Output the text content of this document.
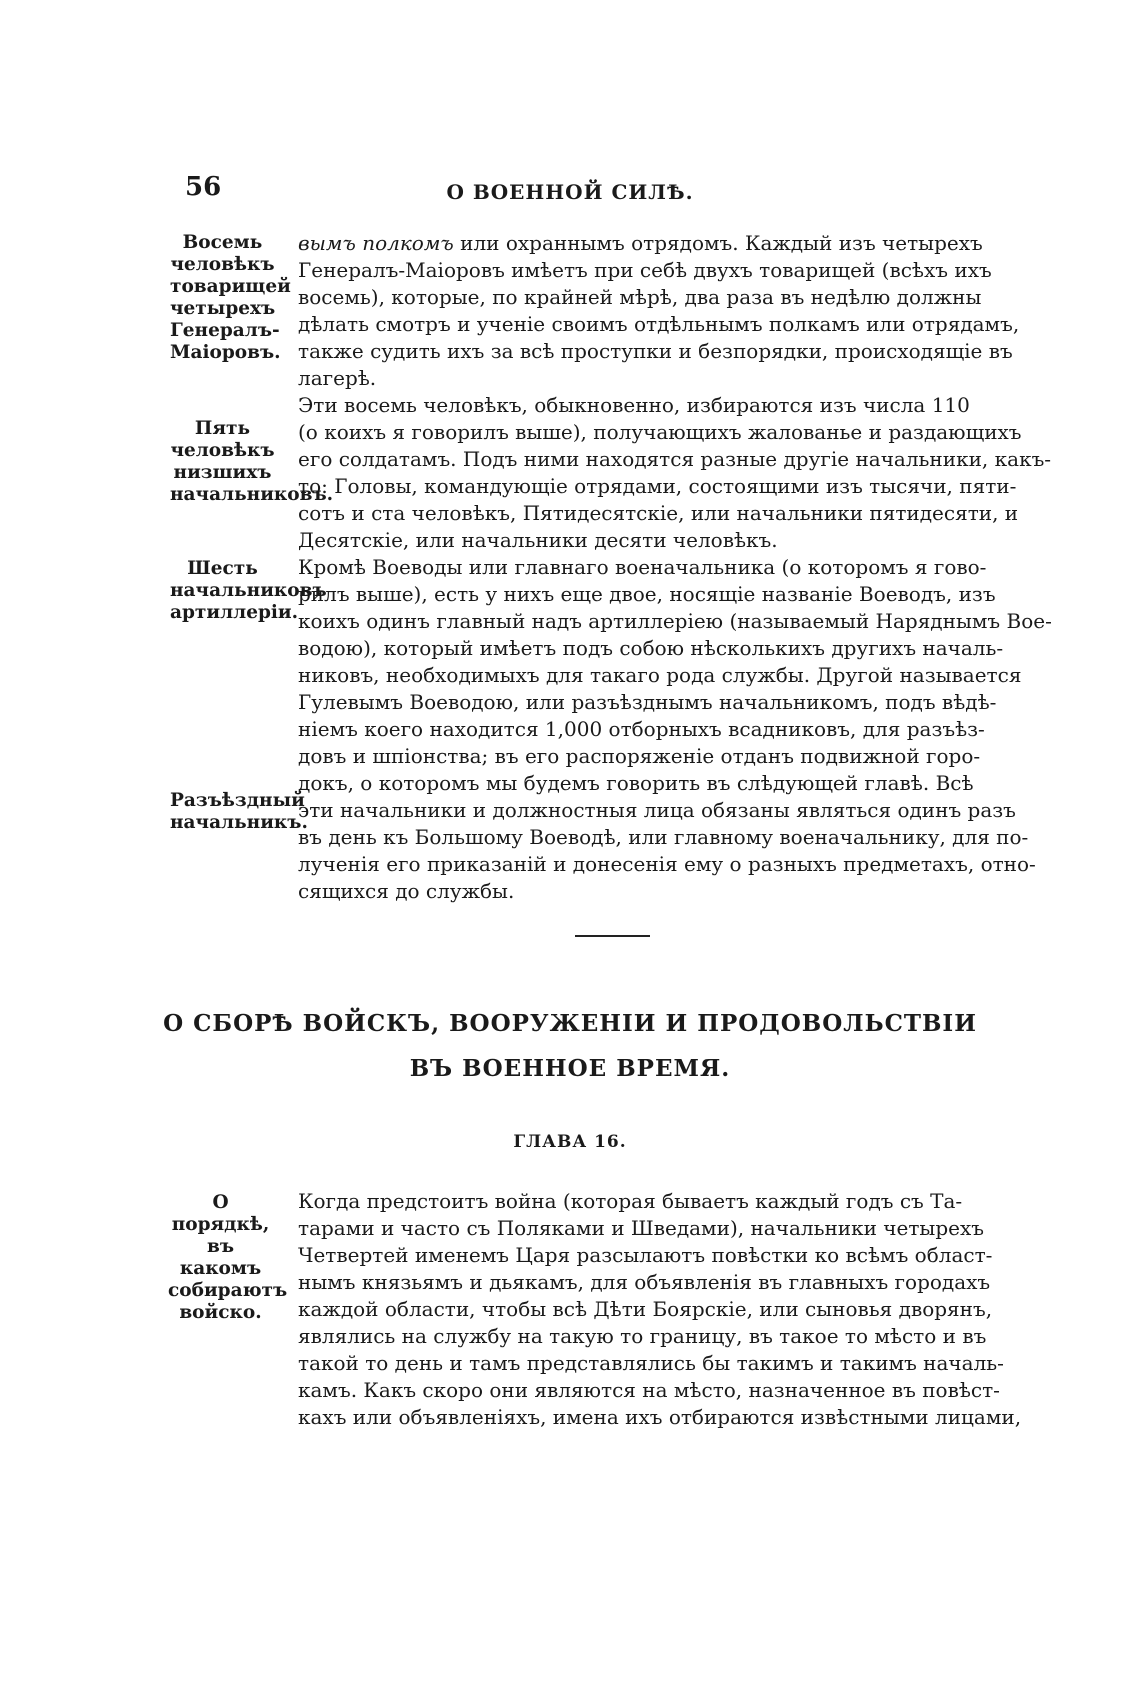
56	О ВОЕННОЙ СИЛѢ.
Восемь человѣкъ товарищей четырехъ Генералъ-Маіоровъ.
Пять человѣкъ низшихъ начальниковъ.
Шесть начальниковъ артиллеріи.
Разъѣздный начальникъ.
О порядкѣ, въ какомъ собираютъ войско.
вымъ полкомъ или охраннымъ отрядомъ. Каждый изъ четырехъ
Генералъ-Маіоровъ имѣетъ при себѣ двухъ товарищей (всѣхъ ихъ
восемь), которые, по крайней мѣрѣ, два раза въ недѣлю должны
дѣлать смотръ и ученіе своимъ отдѣльнымъ полкамъ или отрядамъ,
также судить ихъ за всѣ проступки и безпорядки, происходящіе въ
лагерѣ.
Эти восемь человѣкъ, обыкновенно, избираются изъ числа 110
(о коихъ я говорилъ выше), получающихъ жалованье и раздающихъ
его солдатамъ. Подъ ними находятся разные другіе начальники, какъ-
то: Головы, командующіе отрядами, состоящими изъ тысячи, пяти-
сотъ и ста человѣкъ, Пятидесятскіе, или начальники пятидесяти, и
Десятскіе, или начальники десяти человѣкъ.
Кромѣ Воеводы или главнаго военачальника (о которомъ я гово-
рилъ выше), есть у нихъ еще двое, носящіе названіе Воеводъ, изъ
коихъ одинъ главный надъ артиллеріею (называемый Наряднымъ Вое-
водою), который имѣетъ подъ собою нѣсколькихъ другихъ началь-
никовъ, необходимыхъ для такаго рода службы. Другой называется
Гулевымъ Воеводою, или разъѣзднымъ начальникомъ, подъ вѣдѣ-
ніемъ коего находится 1,000 отборныхъ всадниковъ, для разъѣз-
довъ и шпіонства; въ его распоряженіе отданъ подвижной горо-
докъ, о которомъ мы будемъ говорить въ слѣдующей главѣ. Всѣ
эти начальники и должностныя лица обязаны являться одинъ разъ
въ день къ Большому Воеводѣ, или главному военачальнику, для по-
лученія его приказаній и донесенія ему о разныхъ предметахъ, отно-
сящихся до службы.
О СБОРѢ ВОЙСКЪ, ВООРУЖЕНІИ И ПРОДОВОЛЬСТВІИ
ВЪ ВОЕННОЕ ВРЕМЯ.
ГЛАВА 16.
Когда предстоитъ война (которая бываетъ каждый годъ съ Та-
тарами и часто съ Поляками и Шведами), начальники четырехъ
Четвертей именемъ Царя разсылаютъ повѣстки ко всѣмъ област-
нымъ князьямъ и дьякамъ, для объявленія въ главныхъ городахъ
каждой области, чтобы всѣ Дѣти Боярскіе, или сыновья дворянъ,
являлись на службу на такую то границу, въ такое то мѣсто и въ
такой то день и тамъ представлялись бы такимъ и такимъ началь-
камъ. Какъ скоро они являются на мѣсто, назначенное въ повѣст-
кахъ или объявленіяхъ, имена ихъ отбираются извѣстными лицами,
